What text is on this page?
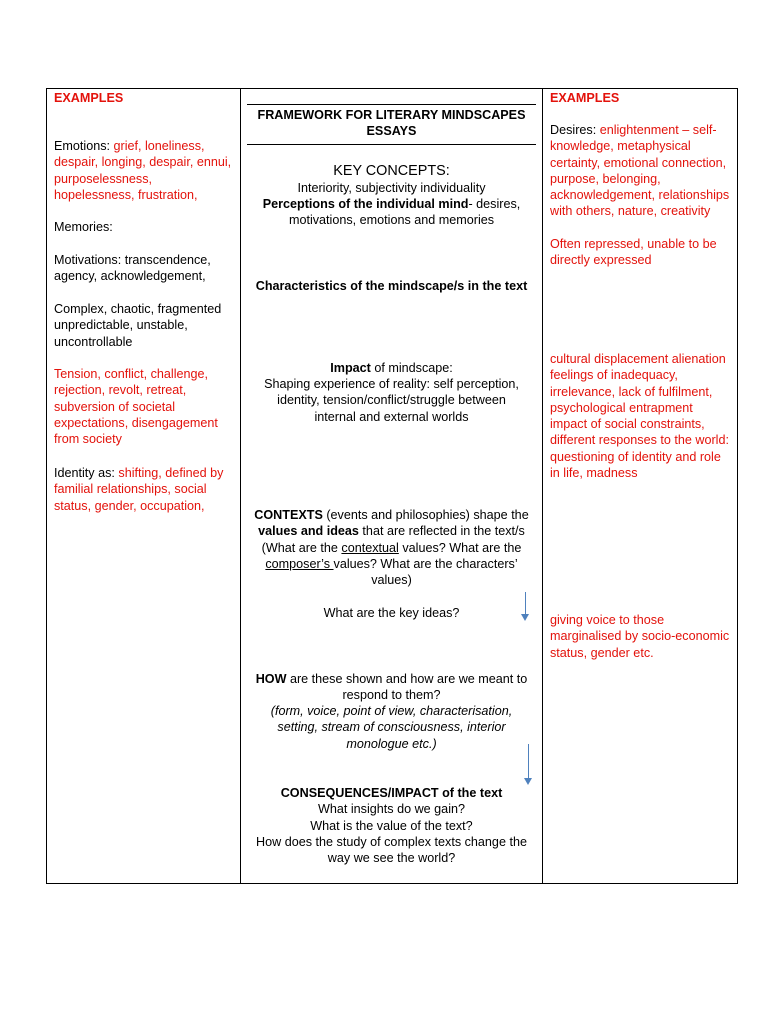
EXAMPLES
Emotions: grief, loneliness, despair, longing, despair, ennui, purposelessness, hopelessness, frustration,
Memories:
Motivations: transcendence, agency, acknowledgement,
Complex, chaotic, fragmented unpredictable, unstable, uncontrollable
Tension, conflict, challenge, rejection, revolt, retreat, subversion of societal expectations, disengagement from society
Identity as: shifting, defined by familial relationships, social status, gender, occupation,

FRAMEWORK FOR LITERARY MINDSCAPES ESSAYS
KEY CONCEPTS:
Interiority, subjectivity individuality
Perceptions of the individual mind- desires, motivations, emotions and memories
Characteristics of the mindscape/s in the text
Impact of mindscape:
Shaping experience of reality: self perception, identity, tension/conflict/struggle between internal and external worlds
CONTEXTS (events and philosophies) shape the values and ideas that are reflected in the text/s (What are the contextual values? What are the composer’s values? What are the characters’ values)
What are the key ideas?
HOW are these shown and how are we meant to respond to them?
(form, voice, point of view, characterisation, setting, stream of consciousness, interior monologue etc.)
CONSEQUENCES/IMPACT of the text
What insights do we gain?
What is the value of the text?
How does the study of complex texts change the way we see the world?

EXAMPLES
Desires: enlightenment – self-knowledge, metaphysical certainty, emotional connection, purpose, belonging, acknowledgement, relationships with others, nature, creativity
Often repressed, unable to be directly expressed
cultural displacement alienation feelings of inadequacy, irrelevance, lack of fulfilment, psychological entrapment impact of social constraints, different responses to the world: questioning of identity and role in life, madness
giving voice to those marginalised by socio-economic status, gender etc.
